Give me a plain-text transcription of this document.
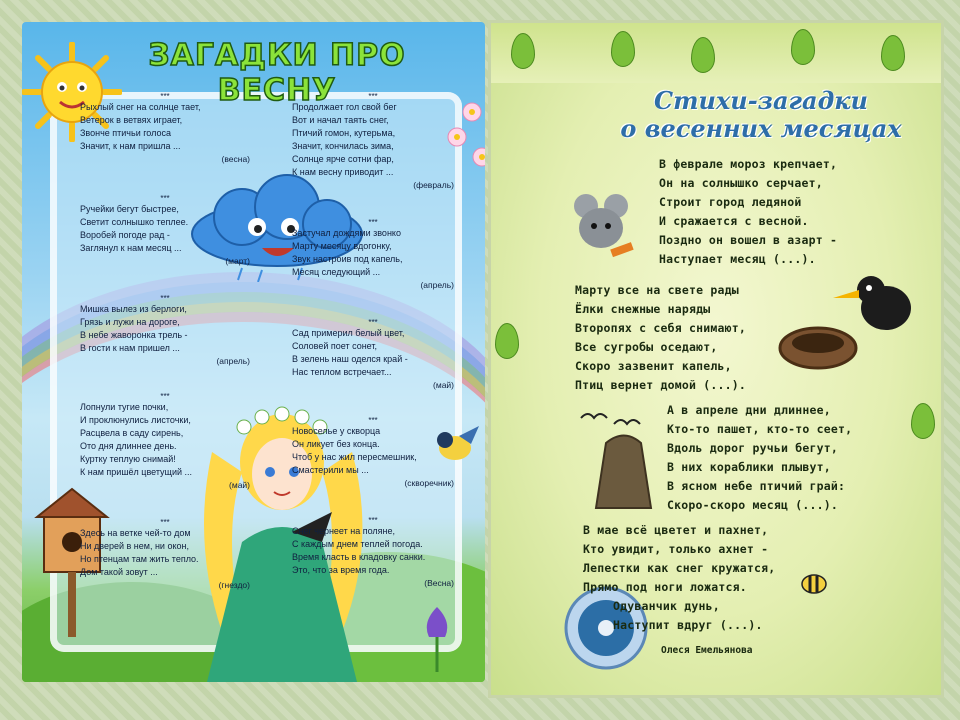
ЗАГАДКИ ПРО ВЕСНУ
***
Рыхлый снег на солнце тает,
Ветерок в ветвях играет,
Звонче птичьи голоса
Значит, к нам пришла ...
(весна)
***
Ручейки бегут быстрее,
Светит солнышко теплее.
Воробей погоде рад -
Заглянул к нам месяц ...
(март)
***
Мишка вылез из берлоги,
Грязь и лужи на дороге,
В небе жаворонка трель -
В гости к нам пришел ...
(апрель)
***
Лопнули тугие почки,
И проклюнулись листочки,
Расцвела в саду сирень,
Ото дня длиннее день.
Куртку теплую снимай!
К нам пришёл цветущий ...
(май)
***
Здесь на ветке чей-то дом
Ни дверей в нем, ни окон,
Но птенцам там жить тепло.
Дом такой зовут ...
(гнездо)
***
Продолжает гол свой бег
Вот и начал таять снег,
Птичий гомон, кутерьма,
Значит, кончилась зима,
Солнце ярче сотни фар,
К нам весну приводит ...
(февраль)
***
Застучал дождями звонко
Марту месяцу вдогонку,
Звук настроив под капель,
Месяц следующий ...
(апрель)
***
Сад примерил белый цвет,
Соловей поет сонет,
В зелень наш оделся край -
Нас теплом встречает...
(май)
***
Новоселье у скворца
Он ликует без конца.
Чтоб у нас жил пересмешник,
Смастерили мы ...
(скворечник)
***
Снег чернеет на поляне,
С каждым днем теплей погода.
Время класть в кладовку санки.
Это, что за время года.
(Весна)
Стихи-загадки
о весенних месяцах
В феврале мороз крепчает,
Он на солнышко серчает,
Строит город ледяной
И сражается с весной.
Поздно он вошел в азарт -
Наступает месяц (...).
Марту все на свете рады
Ёлки снежные наряды
Второпях с себя снимают,
Все сугробы оседают,
Скоро зазвенит капель,
Птиц вернет домой (...).
А в апреле дни длиннее,
Кто-то пашет, кто-то сеет,
Вдоль дорог ручьи бегут,
В них кораблики плывут,
В ясном небе птичий грай:
Скоро-скоро месяц (...).
В мае всё цветет и пахнет,
Кто увидит, только ахнет -
Лепестки как снег кружатся,
Прямо под ноги ложатся.
Одуванчик дунь,
Наступит вдруг (...).
Олеся Емельянова
